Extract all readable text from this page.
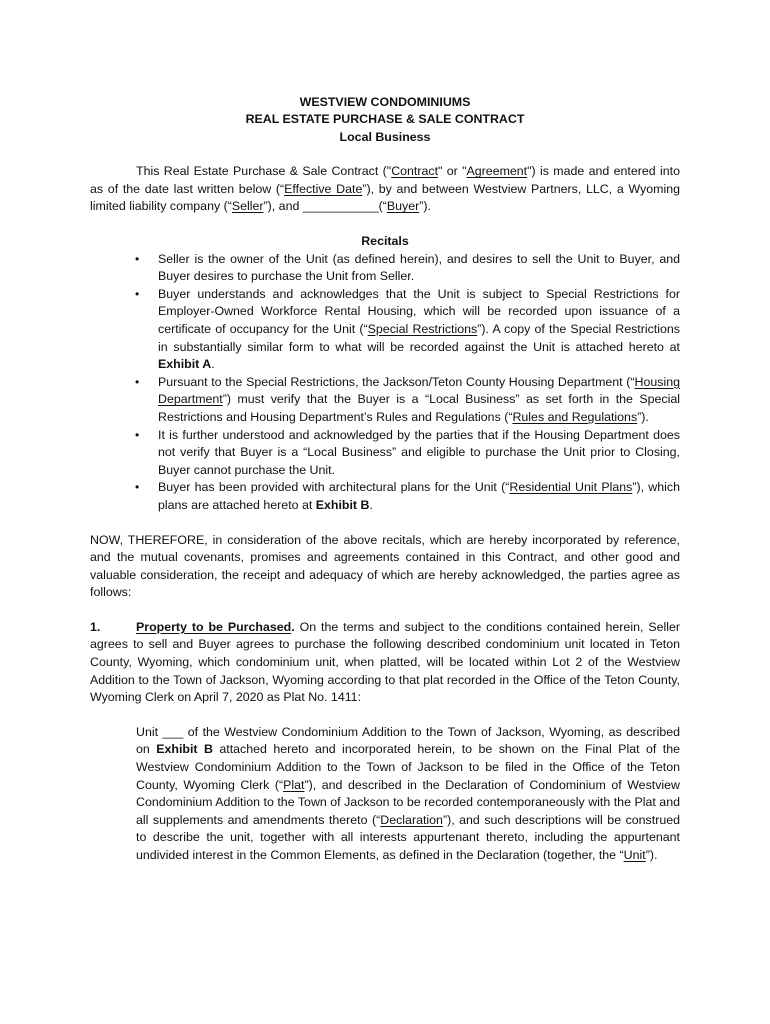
WESTVIEW CONDOMINIUMS
REAL ESTATE PURCHASE & SALE CONTRACT
Local Business

This Real Estate Purchase & Sale Contract ("Contract" or "Agreement") is made and entered into as of the date last written below (“Effective Date”), by and between Westview Partners, LLC, a Wyoming limited liability company (“Seller”), and ___________(“Buyer”).

Recitals
• Seller is the owner of the Unit (as defined herein), and desires to sell the Unit to Buyer, and Buyer desires to purchase the Unit from Seller.
• Buyer understands and acknowledges that the Unit is subject to Special Restrictions for Employer-Owned Workforce Rental Housing, which will be recorded upon issuance of a certificate of occupancy for the Unit (“Special Restrictions”). A copy of the Special Restrictions in substantially similar form to what will be recorded against the Unit is attached hereto at Exhibit A.
• Pursuant to the Special Restrictions, the Jackson/Teton County Housing Department (“Housing Department”) must verify that the Buyer is a “Local Business” as set forth in the Special Restrictions and Housing Department’s Rules and Regulations (“Rules and Regulations”).
• It is further understood and acknowledged by the parties that if the Housing Department does not verify that Buyer is a “Local Business” and eligible to purchase the Unit prior to Closing, Buyer cannot purchase the Unit.
• Buyer has been provided with architectural plans for the Unit (“Residential Unit Plans”), which plans are attached hereto at Exhibit B.

NOW, THEREFORE, in consideration of the above recitals, which are hereby incorporated by reference, and the mutual covenants, promises and agreements contained in this Contract, and other good and valuable consideration, the receipt and adequacy of which are hereby acknowledged, the parties agree as follows:

1.	Property to be Purchased. On the terms and subject to the conditions contained herein, Seller agrees to sell and Buyer agrees to purchase the following described condominium unit located in Teton County, Wyoming, which condominium unit, when platted, will be located within Lot 2 of the Westview Addition to the Town of Jackson, Wyoming according to that plat recorded in the Office of the Teton County, Wyoming Clerk on April 7, 2020 as Plat No. 1411:

Unit ___ of the Westview Condominium Addition to the Town of Jackson, Wyoming, as described on Exhibit B attached hereto and incorporated herein, to be shown on the Final Plat of the Westview Condominium Addition to the Town of Jackson to be filed in the Office of the Teton County, Wyoming Clerk (“Plat”), and described in the Declaration of Condominium of Westview Condominium Addition to the Town of Jackson to be recorded contemporaneously with the Plat and all supplements and amendments thereto (“Declaration”), and such descriptions will be construed to describe the unit, together with all interests appurtenant thereto, including the appurtenant undivided interest in the Common Elements, as defined in the Declaration (together, the “Unit”).
